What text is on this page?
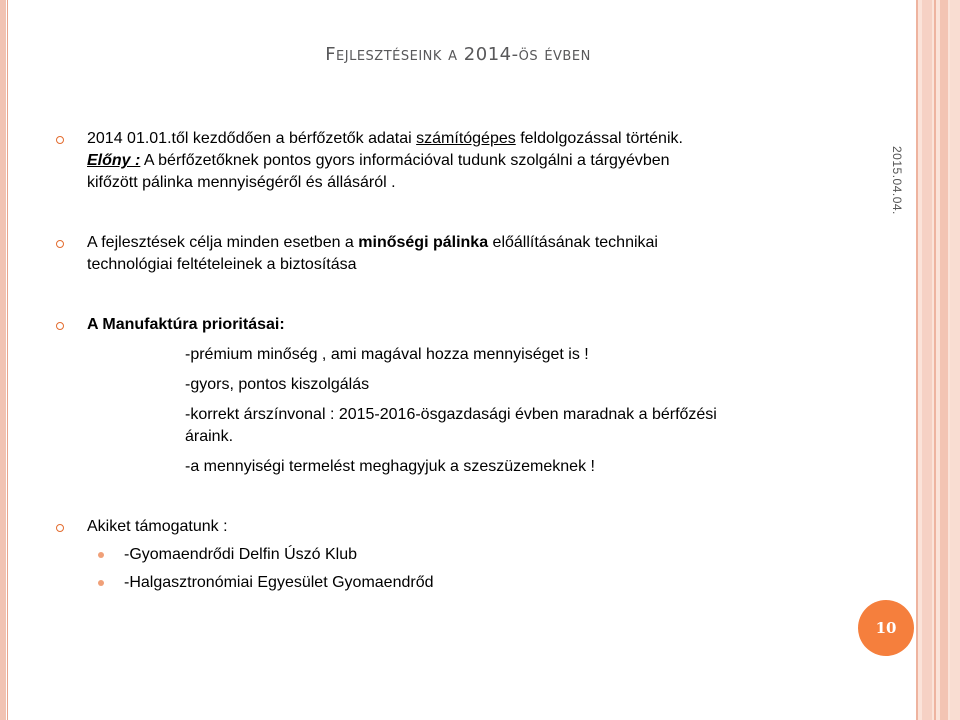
FEJLESZTÉSEINK A 2014-ÖS ÉVBEN
2015.04.04.
2014 01.01.től kezdődően a bérfőzetők adatai számítógépes feldolgozással történik.
Előny : A bérfőzetőknek pontos gyors információval tudunk szolgálni a tárgyévben
kifőzött pálinka mennyiségéről és állásáról .
A fejlesztések célja minden esetben a minőségi pálinka előállításának technikai
technológiai feltételeinek a biztosítása
A Manufaktúra prioritásai:
-prémium minőség , ami magával hozza mennyiséget is !
-gyors, pontos kiszolgálás
-korrekt árszínvonal : 2015-2016-ösgazdasági évben maradnak a bérfőzési
áraink.
-a mennyiségi termelést meghagyjuk a szeszüzemeknek !
Akiket támogatunk :
-Gyomaendrődi Delfin Úszó Klub
-Halgasztronómiai Egyesület Gyomaendrőd
10
